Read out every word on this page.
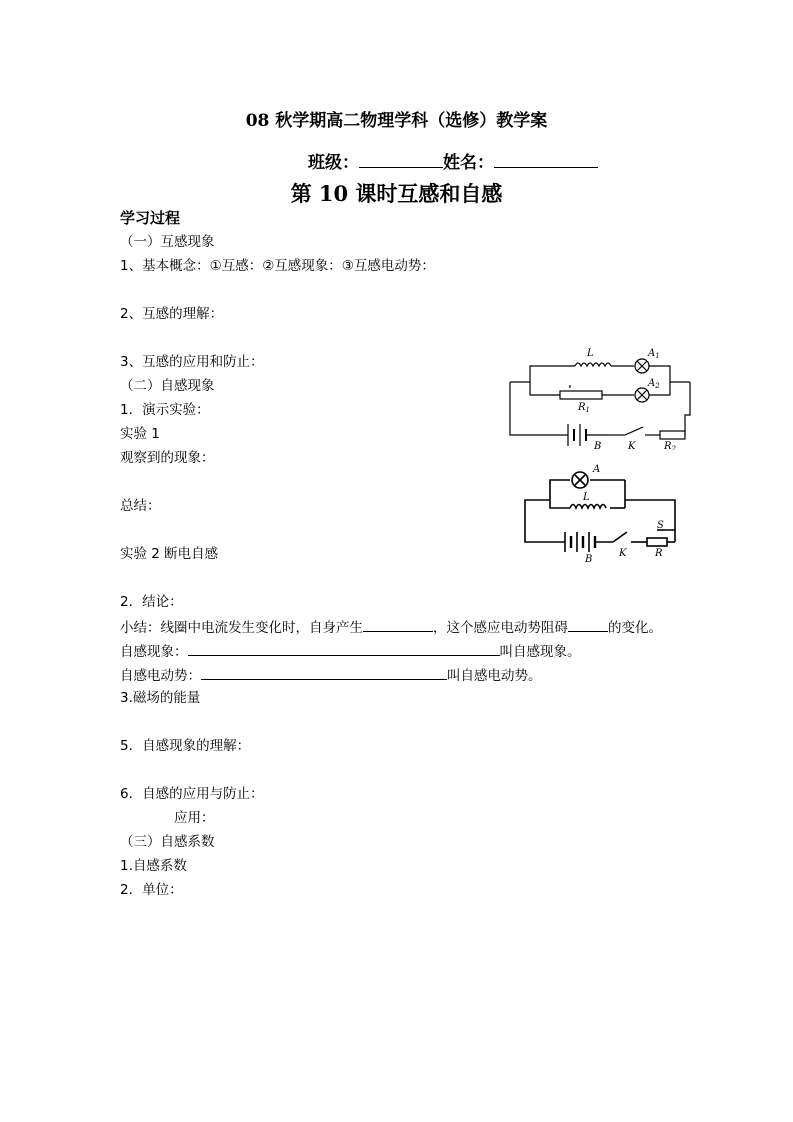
08 秋学期高二物理学科（选修）教学案
班级：	姓名：
第 10 课时互感和自感
学习过程
（一）互感现象
1、基本概念：①互感：②互感现象：③互感电动势：
2、互感的理解：
3、互感的应用和防止：
（二）自感现象
1．演示实验：
实验 1
观察到的现象：
总结：
实验 2 断电自感
2．结论：
小结：线圈中电流发生变化时，自身产生	，这个感应电动势阻碍	的变化。
自感现象：	叫自感现象。
自感电动势：	叫自感电动势。
3.磁场的能量
5．自感现象的理解：
6．自感的应用与防止：
应用：
（三）自感系数
1.自感系数
2．单位：
L	$A_1$
$A_2$
$R_1$
B	K	$R_2$
A
L
B
K	R
S
